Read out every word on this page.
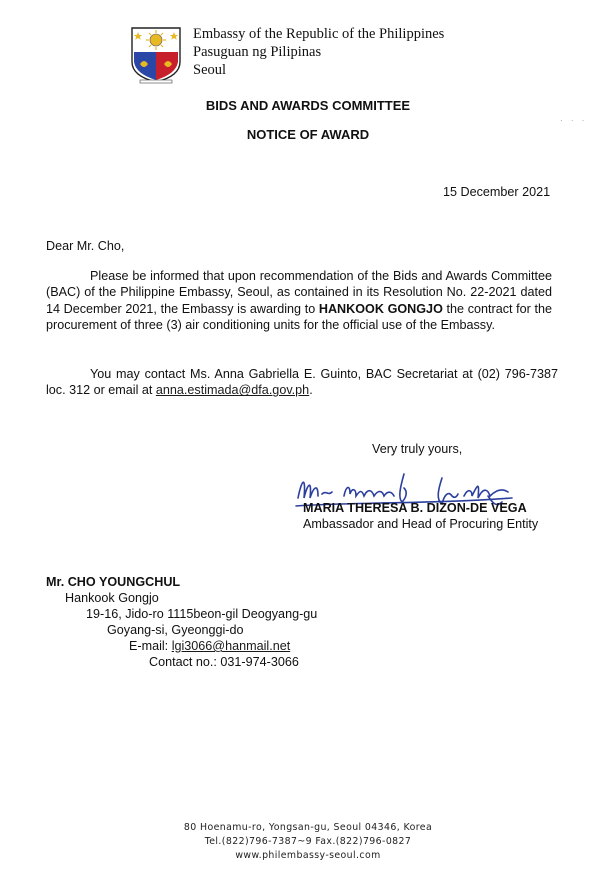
Embassy of the Republic of the Philippines
Pasuguan ng Pilipinas
Seoul
· · ·
BIDS AND AWARDS COMMITTEE
NOTICE OF AWARD
15 December 2021
Dear Mr. Cho,
Please be informed that upon recommendation of the Bids and Awards Committee (BAC) of the Philippine Embassy, Seoul, as contained in its Resolution No. 22-2021 dated 14 December 2021, the Embassy is awarding to HANKOOK GONGJO the contract for the procurement of three (3) air conditioning units for the official use of the Embassy.
You may contact Ms. Anna Gabriella E. Guinto, BAC Secretariat at (02) 796-7387 loc. 312 or email at anna.estimada@dfa.gov.ph.
Very truly yours,
MARIA THERESA B. DIZON-DE VEGA
Ambassador and Head of Procuring Entity
Mr. CHO YOUNGCHUL
Hankook Gongjo
19-16, Jido-ro 1115beon-gil Deogyang-gu
Goyang-si, Gyeonggi-do
E-mail: lgi3066@hanmail.net
Contact no.: 031-974-3066
80 Hoenamu-ro, Yongsan-gu, Seoul 04346, Korea
Tel.(822)796-7387~9 Fax.(822)796-0827
www.philembassy-seoul.com
